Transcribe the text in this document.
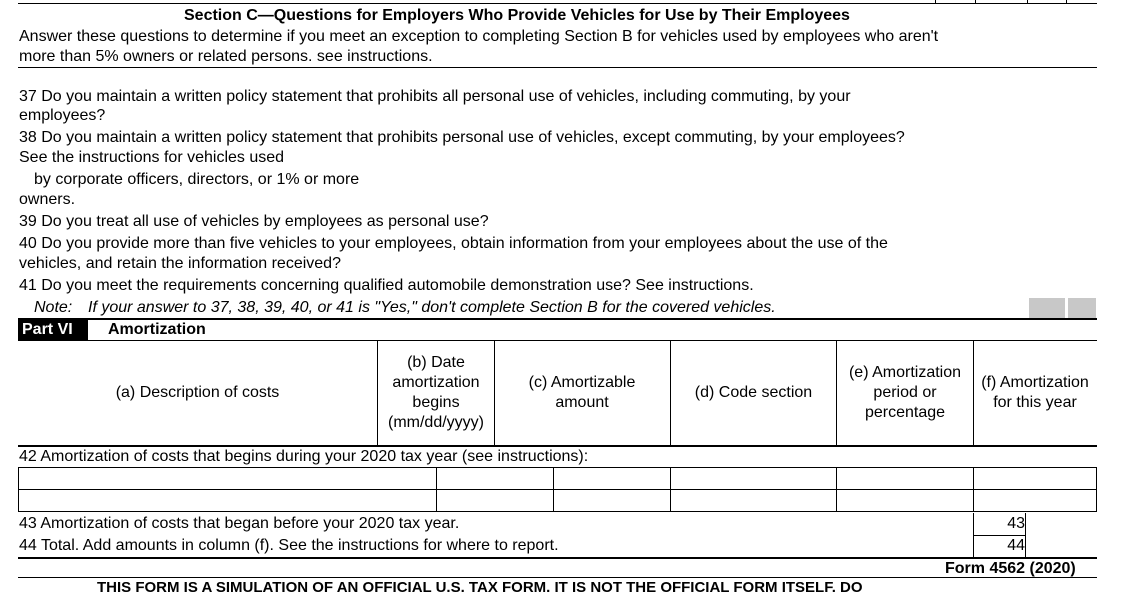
Section C—Questions for Employers Who Provide Vehicles for Use by Their Employees
Answer these questions to determine if you meet an exception to completing Section B for vehicles used by employees who aren't
more than 5% owners or related persons. see instructions.
37 Do you maintain a written policy statement that prohibits all personal use of vehicles, including commuting, by your
employees?
38 Do you maintain a written policy statement that prohibits personal use of vehicles, except commuting, by your employees?
See the instructions for vehicles used
by corporate officers, directors, or 1% or more
owners.
39 Do you treat all use of vehicles by employees as personal use?
40 Do you provide more than five vehicles to your employees, obtain information from your employees about the use of the
vehicles, and retain the information received?
41 Do you meet the requirements concerning qualified automobile demonstration use? See instructions.
Note: If your answer to 37, 38, 39, 40, or 41 is "Yes," don't complete Section B for the covered vehicles.
Part VI	Amortization
(a) Description of costs
(b) Date amortization begins (mm/dd/yyyy)
(c) Amortizable amount
(d) Code section
(e) Amortization period or percentage
(f) Amortization for this year
42 Amortization of costs that begins during your 2020 tax year (see instructions):
43 Amortization of costs that began before your 2020 tax year.
44 Total. Add amounts in column (f). See the instructions for where to report.
43
44
Form 4562 (2020)
THIS FORM IS A SIMULATION OF AN OFFICIAL U.S. TAX FORM. IT IS NOT THE OFFICIAL FORM ITSELF. DO
